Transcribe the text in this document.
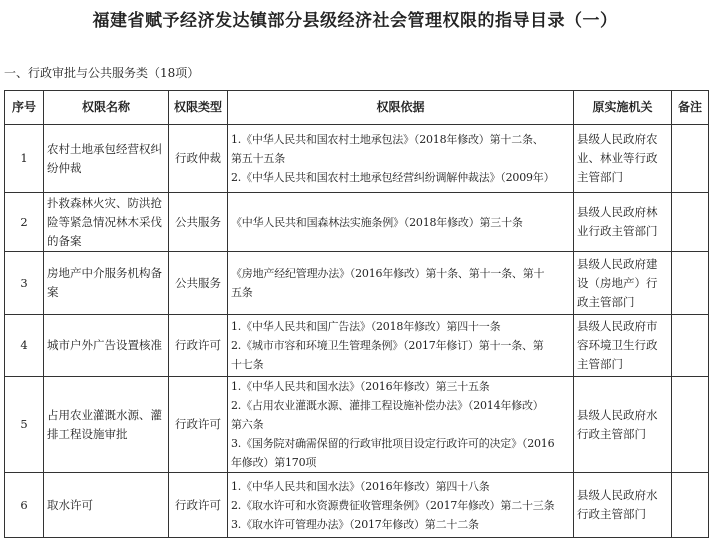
福建省赋予经济发达镇部分县级经济社会管理权限的指导目录（一）
一、行政审批与公共服务类（18项）
序号	权限名称	权限类型	权限依据	原实施机关	备注
1	农村土地承包经营权纠纷仲裁	行政仲裁	1.《中华人民共和国农村土地承包法》（2018年修改）第十二条、
第五十五条
2.《中华人民共和国农村土地承包经营纠纷调解仲裁法》（2009年）	县级人民政府农业、林业等行政主管部门	
2	扑救森林火灾、防洪抢险等紧急情况林木采伐的备案	公共服务	《中华人民共和国森林法实施条例》（2018年修改）第三十条	县级人民政府林业行政主管部门	
3	房地产中介服务机构备案	公共服务	《房地产经纪管理办法》（2016年修改）第十条、第十一条、第十
五条	县级人民政府建设（房地产）行政主管部门	
4	城市户外广告设置核准	行政许可	1.《中华人民共和国广告法》（2018年修改）第四十一条
2.《城市市容和环境卫生管理条例》（2017年修订）第十一条、第
十七条	县级人民政府市容环境卫生行政主管部门	
5	占用农业灌溉水源、灌排工程设施审批	行政许可	1.《中华人民共和国水法》（2016年修改）第三十五条
2.《占用农业灌溉水源、灌排工程设施补偿办法》（2014年修改）
第六条
3.《国务院对确需保留的行政审批项目设定行政许可的决定》（2016
年修改）第170项	县级人民政府水行政主管部门	
6	取水许可	行政许可	1.《中华人民共和国水法》（2016年修改）第四十八条
2.《取水许可和水资源费征收管理条例》（2017年修改）第二十三条
3.《取水许可管理办法》（2017年修改）第二十二条	县级人民政府水行政主管部门	
